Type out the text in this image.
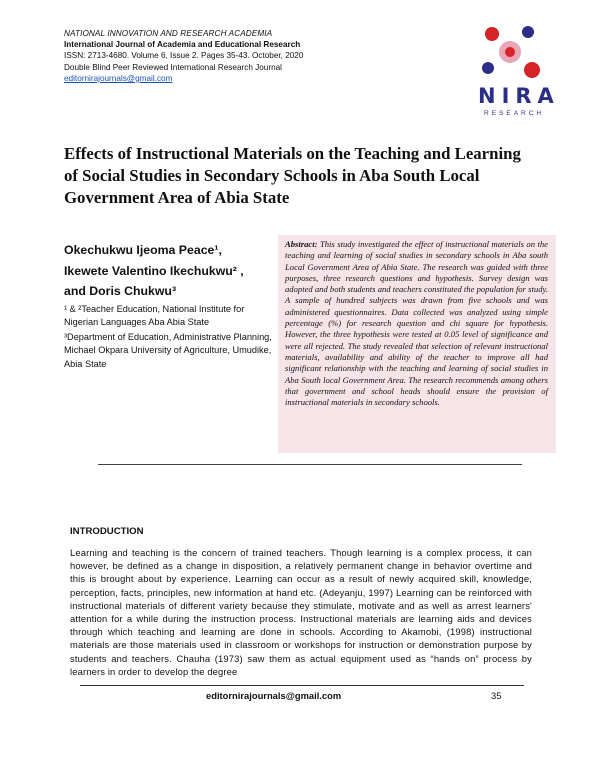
NATIONAL INNOVATION AND RESEARCH ACADEMIA
International Journal of Academia and Educational Research
ISSN: 2713-4680. Volume 6, Issue 2. Pages 35-43. October, 2020
Double Blind Peer Reviewed International Research Journal
editornirajournals@gmail.com
NIRA
RESEARCH
Effects of Instructional Materials on the Teaching and Learning of Social Studies in Secondary Schools in Aba South Local Government Area of Abia State
Okechukwu Ijeoma Peace¹,
Ikewete Valentino Ikechukwu² ,
and Doris Chukwu³
¹ & ²Teacher Education, National Institute for Nigerian Languages Aba Abia State
³Department of Education, Administrative Planning, Michael Okpara University of Agriculture, Umudike, Abia State
Abstract: This study investigated the effect of instructional materials on the teaching and learning of social studies in secondary schools in Aba south Local Government Area of Abia State. The research was guided with three purposes, three research questions and hypothesis. Survey design was adopted and both students and teachers constituted the population for study. A sample of hundred subjects was drawn from five schools and was administered questionnaires. Data collected was analyzed using simple percentage (%) for research question and chi square for hypothesis. However, the three hypothesis were tested at 0.05 level of significance and were all rejected. The study revealed that selection of relevant instructional materials, availability and ability of the teacher to improve all had significant relationship with the teaching and learning of social studies in Aba South local Government Area. The research recommends among others that government and school heads should ensure the provision of instructional materials in secondary schools.
INTRODUCTION
Learning and teaching is the concern of trained teachers. Though learning is a complex process, it can however, be defined as a change in disposition, a relatively permanent change in behavior overtime and this is brought about by experience. Learning can occur as a result of newly acquired skill, knowledge, perception, facts, principles, new information at hand etc. (Adeyanju, 1997) Learning can be reinforced with instructional materials of different variety because they stimulate, motivate and as well as arrest learners' attention for a while during the instruction process. Instructional materials are learning aids and devices through which teaching and learning are done in schools. According to Akamobi, (1998) instructional materials are those materials used in classroom or workshops for instruction or demonstration purpose by students and teachers. Chauha (1973) saw them as actual equipment used as “hands on” process by learners in order to develop the degree
editornirajournals@gmail.com	35
